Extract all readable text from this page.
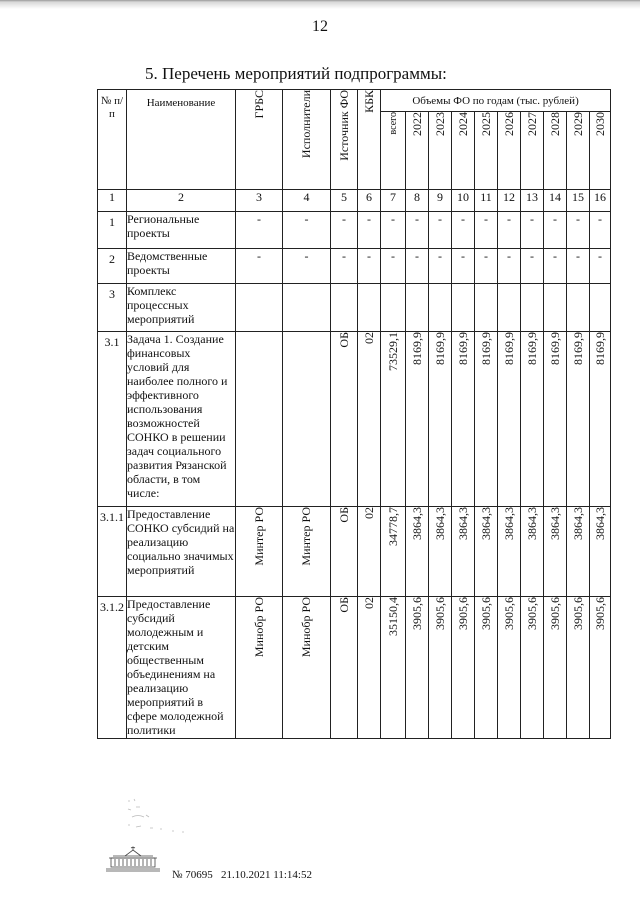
12
5. Перечень мероприятий подпрограммы:
№ п/п	Наименование	ГРБС	Исполнители	Источник ФО	КБК	Объемы ФО по годам (тыс. рублей)									
						всего	2022	2023	2024	2025	2026	2027	2028	2029	2030
1	2	3	4	5	6	7	8	9	10	11	12	13	14	15	16
1	Региональные проекты	-	-	-	-	-	-	-	-	-	-	-	-	-	-
2	Ведомственные проекты	-	-	-	-	-	-	-	-	-	-	-	-	-	-
3	Комплекс процессных мероприятий														
3.1	Задача 1. Создание финансовых условий для наиболее полного и эффективного использования возможностей СОНКО в решении задач социального развития Рязанской области, в том числе:			ОБ	02	73529,1	8169,9	8169,9	8169,9	8169,9	8169,9	8169,9	8169,9	8169,9	8169,9
3.1.1	Предоставление СОНКО субсидий на реализацию социально значимых мероприятий	Минтер РО	Минтер РО	ОБ	02	34778,7	3864,3	3864,3	3864,3	3864,3	3864,3	3864,3	3864,3	3864,3	3864,3
3.1.2	Предоставление субсидий молодежным и детским общественным объединениям на реализацию мероприятий в сфере молодежной политики	Минобр РО	Минобр РО	ОБ	02	35150,4	3905,6	3905,6	3905,6	3905,6	3905,6	3905,6	3905,6	3905,6	3905,6
№ 70695 21.10.2021 11:14:52
